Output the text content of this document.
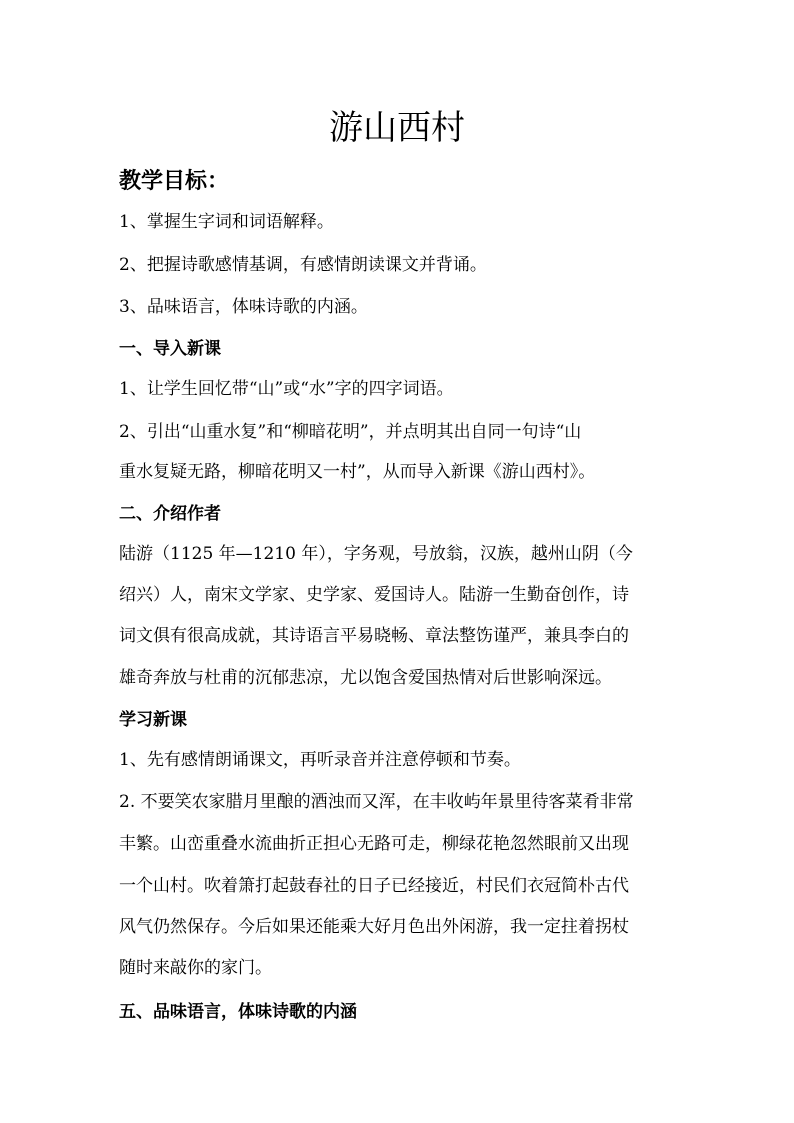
游山西村
教学目标：
1、掌握生字词和词语解释。
2、把握诗歌感情基调，有感情朗读课文并背诵。
3、品味语言，体味诗歌的内涵。
一、导入新课
1、让学生回忆带“山”或“水”字的四字词语。
2、引出“山重水复”和“柳暗花明”，并点明其出自同一句诗“山
重水复疑无路，柳暗花明又一村”，从而导入新课《游山西村》。
二、介绍作者
陆游（1125 年—1210 年），字务观，号放翁，汉族，越州山阴（今
绍兴）人，南宋文学家、史学家、爱国诗人。陆游一生勤奋创作，诗
词文俱有很高成就，其诗语言平易晓畅、章法整饬谨严，兼具李白的
雄奇奔放与杜甫的沉郁悲凉，尤以饱含爱国热情对后世影响深远。
学习新课
1、先有感情朗诵课文，再听录音并注意停顿和节奏。
2. 不要笑农家腊月里酿的酒浊而又浑，在丰收屿年景里待客菜肴非常
丰繁。山峦重叠水流曲折正担心无路可走，柳绿花艳忽然眼前又出现
一个山村。吹着箫打起鼓春社的日子已经接近，村民们衣冠简朴古代
风气仍然保存。今后如果还能乘大好月色出外闲游，我一定拄着拐杖
随时来敲你的家门。
五、品味语言，体味诗歌的内涵
